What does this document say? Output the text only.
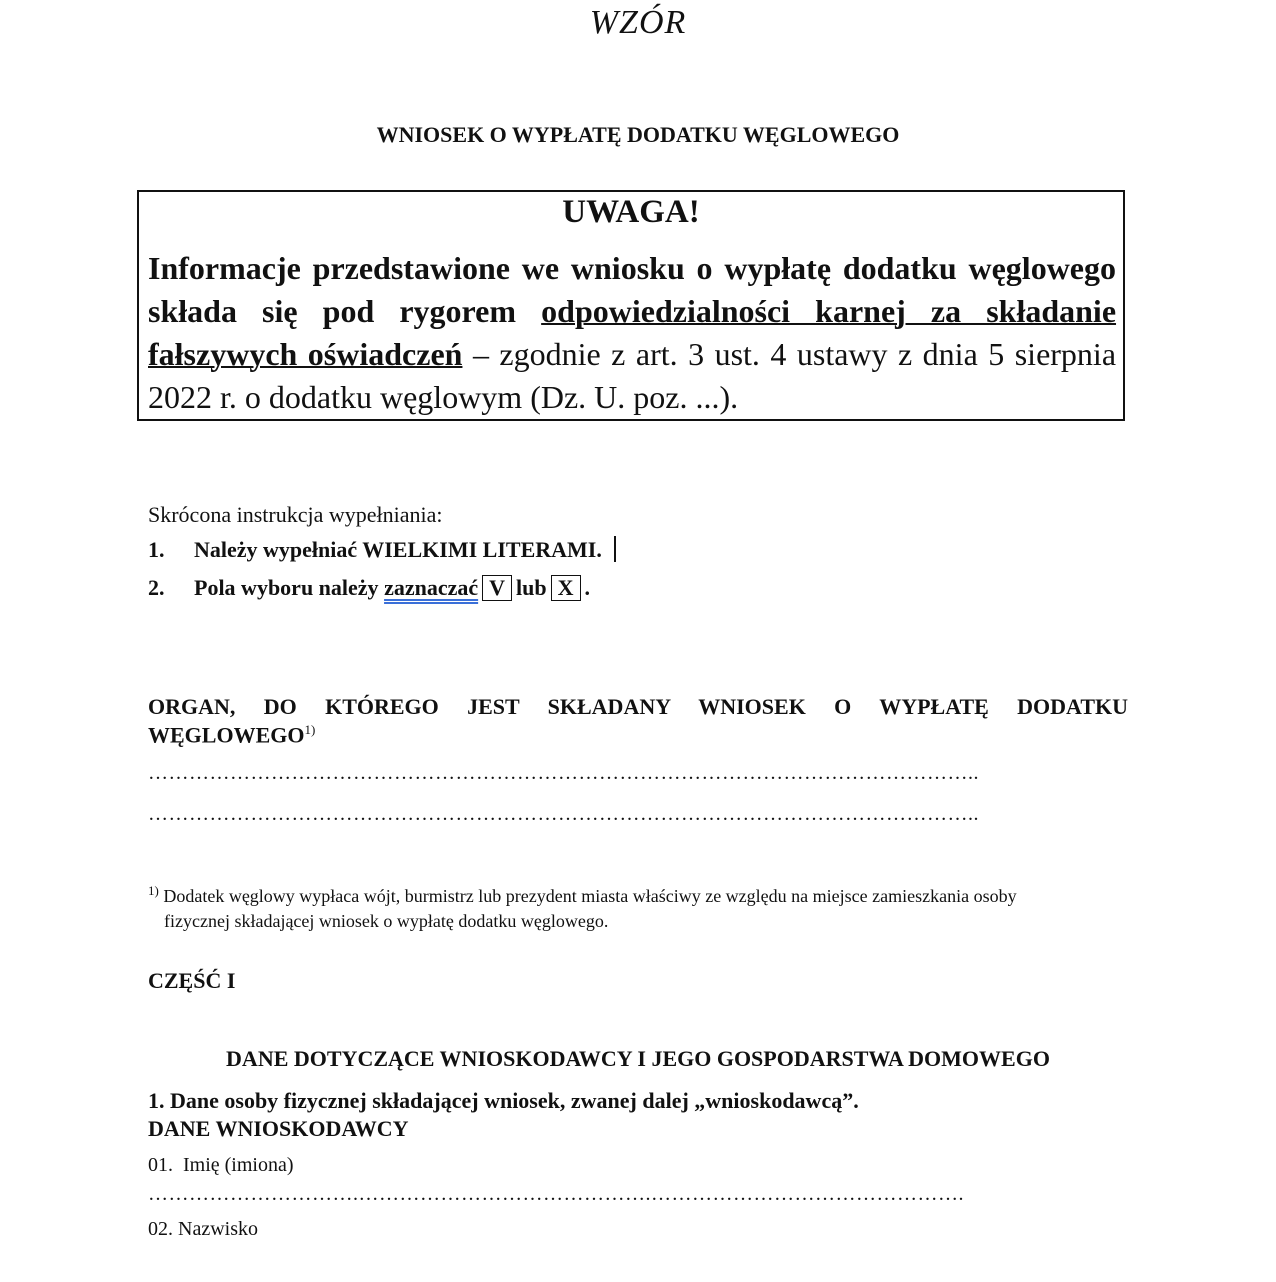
WZÓR
WNIOSEK O WYPŁATĘ DODATKU WĘGLOWEGO
UWAGA!
Informacje przedstawione we wniosku o wypłatę dodatku węglowego składa się pod rygorem odpowiedzialności karnej za składanie fałszywych oświadczeń – zgodnie z art. 3 ust. 4 ustawy z dnia 5 sierpnia 2022 r. o dodatku węglowym (Dz. U. poz. ...).
Skrócona instrukcja wypełniania:
1. Należy wypełniać WIELKIMI LITERAMI.
2. Pola wyboru należy zaznaczać V lub X .
ORGAN, DO KTÓREGO JEST SKŁADANY WNIOSEK O WYPŁATĘ DODATKU
WĘGLOWEGO$^{1)}$
…………………………………………………………………………………………………………..
…………………………………………………………………………………………………………..
$^{1)}$ Dodatek węglowy wypłaca wójt, burmistrz lub prezydent miasta właściwy ze względu na miejsce zamieszkania osoby
fizycznej składającej wniosek o wypłatę dodatku węglowego.
CZĘŚĆ I
DANE DOTYCZĄCE WNIOSKODAWCY I JEGO GOSPODARSTWA DOMOWEGO
1. Dane osoby fizycznej składającej wniosek, zwanej dalej „wnioskodawcą”.
DANE WNIOSKODAWCY
01. Imię (imiona)
………………………….…………………………………….……………………………………….
02. Nazwisko
